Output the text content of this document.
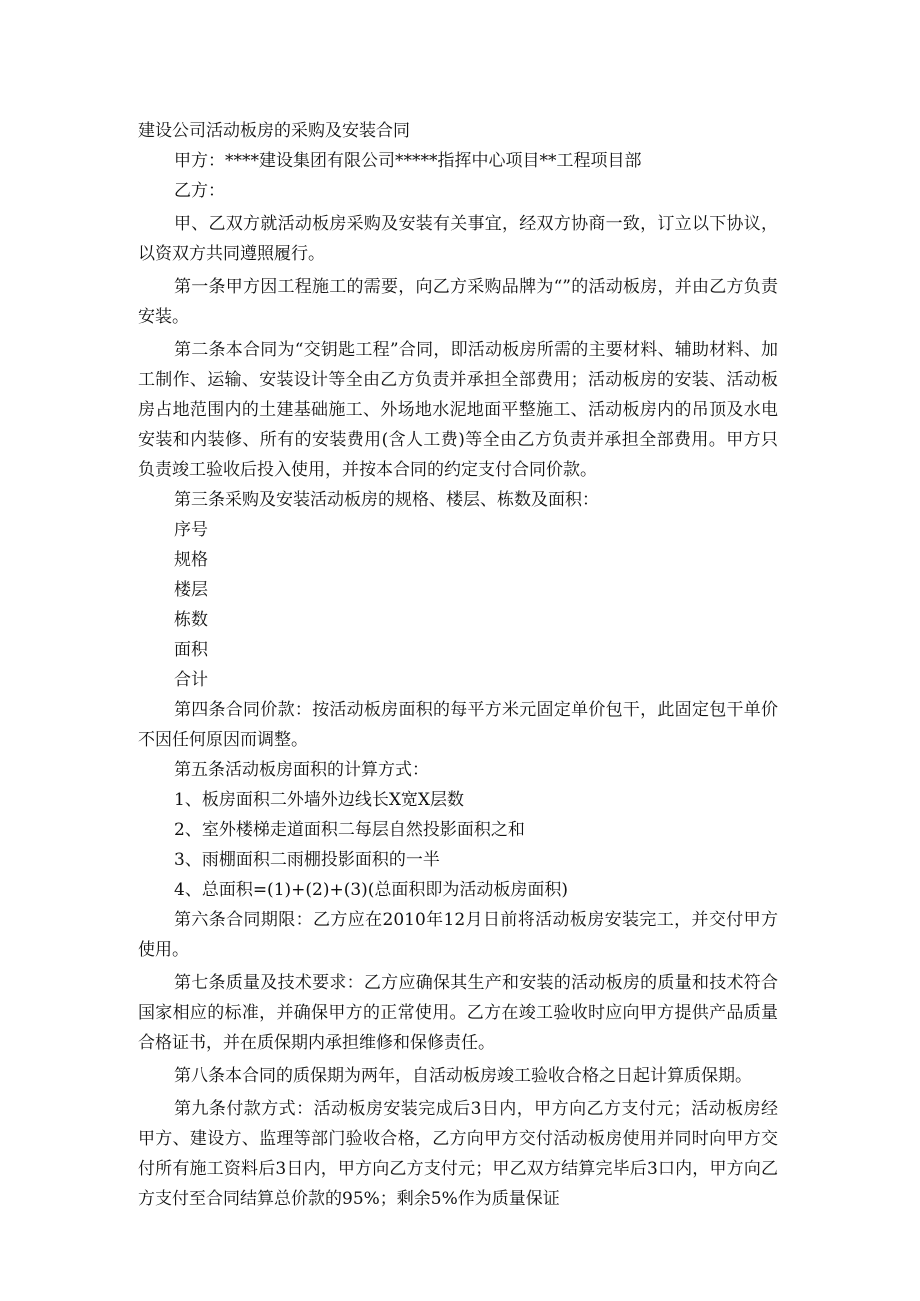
建设公司活动板房的采购及安装合同

甲方：****建设集团有限公司*****指挥中心项目**工程项目部

乙方：

甲、乙双方就活动板房采购及安装有关事宜，经双方协商一致，订立以下协议，以资双方共同遵照履行。

第一条甲方因工程施工的需要，向乙方采购品牌为“”的活动板房，并由乙方负责安装。

第二条本合同为“交钥匙工程”合同，即活动板房所需的主要材料、辅助材料、加工制作、运输、安装设计等全由乙方负责并承担全部费用；活动板房的安装、活动板房占地范围内的土建基础施工、外场地水泥地面平整施工、活动板房内的吊顶及水电安装和内装修、所有的安装费用(含人工费)等全由乙方负责并承担全部费用。甲方只负责竣工验收后投入使用，并按本合同的约定支付合同价款。

第三条采购及安装活动板房的规格、楼层、栋数及面积：

序号

规格

楼层

栋数

面积

合计

第四条合同价款：按活动板房面积的每平方米元固定单价包干，此固定包干单价不因任何原因而调整。

第五条活动板房面积的计算方式：

1、板房面积二外墙外边线长X宽X层数

2、室外楼梯走道面积二每层自然投影面积之和

3、雨棚面积二雨棚投影面积的一半

4、总面积=(1)+(2)+(3)(总面积即为活动板房面积)

第六条合同期限：乙方应在2010年12月日前将活动板房安装完工，并交付甲方使用。

第七条质量及技术要求：乙方应确保其生产和安装的活动板房的质量和技术符合国家相应的标准，并确保甲方的正常使用。乙方在竣工验收时应向甲方提供产品质量合格证书，并在质保期内承担维修和保修责任。

第八条本合同的质保期为两年，自活动板房竣工验收合格之日起计算质保期。

第九条付款方式：活动板房安装完成后3日内，甲方向乙方支付元；活动板房经甲方、建设方、监理等部门验收合格，乙方向甲方交付活动板房使用并同时向甲方交付所有施工资料后3日内，甲方向乙方支付元；甲乙双方结算完毕后3口内，甲方向乙方支付至合同结算总价款的95%；剩余5%作为质量保证
